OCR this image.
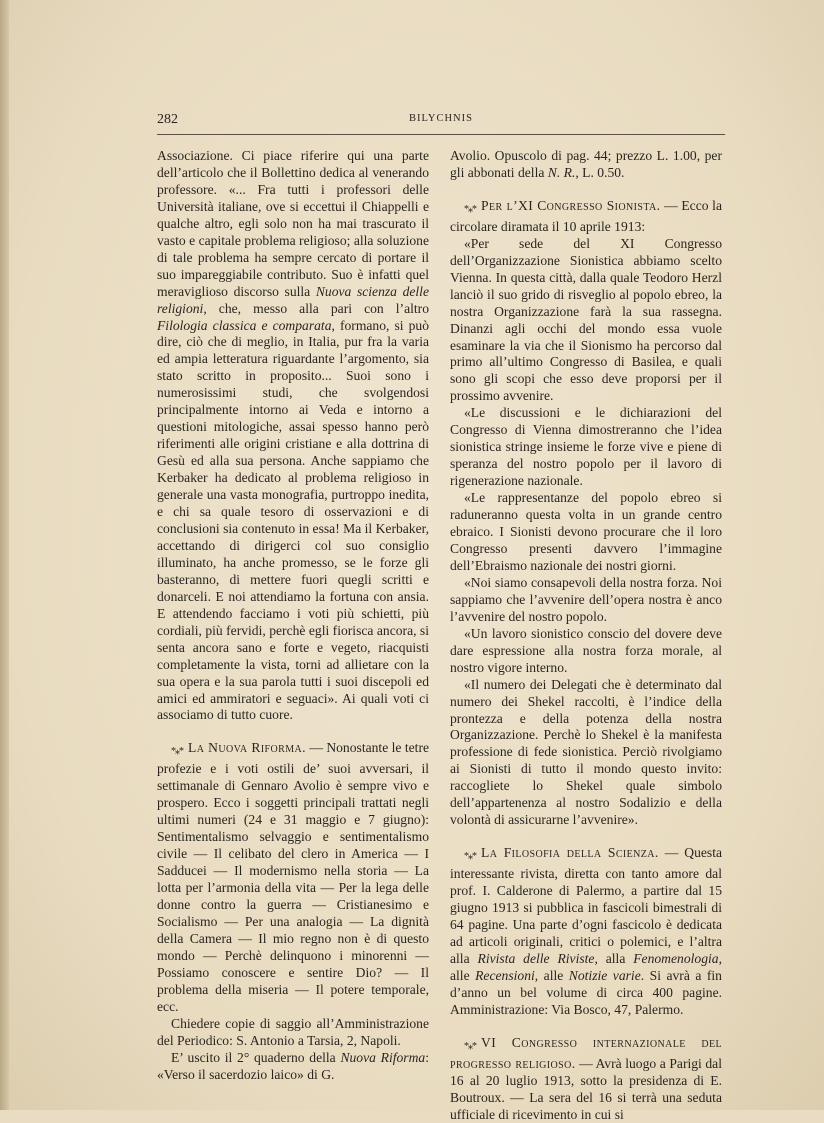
282	BILYCHNIS

Associazione. Ci piace riferire qui una parte dell’articolo che il Bollettino dedica al venerando professore. «... Fra tutti i professori delle Università italiane, ove si eccettui il Chiappelli e qualche altro, egli solo non ha mai trascurato il vasto e capitale problema religioso; alla soluzione di tale problema ha sempre cercato di portare il suo impareggiabile contributo. Suo è infatti quel meraviglioso discorso sulla Nuova scienza delle religioni, che, messo alla pari con l’altro Filologia classica e comparata, formano, si può dire, ciò che di meglio, in Italia, pur fra la varia ed ampia letteratura riguardante l’argomento, sia stato scritto in proposito... Suoi sono i numerosissimi studi, che svolgendosi principalmente intorno ai Veda e intorno a questioni mitologiche, assai spesso hanno però riferimenti alle origini cristiane e alla dottrina di Gesù ed alla sua persona. Anche sappiamo che Kerbaker ha dedicato al problema religioso in generale una vasta monografia, purtroppo inedita, e chi sa quale tesoro di osservazioni e di conclusioni sia contenuto in essa! Ma il Kerbaker, accettando di dirigerci col suo consiglio illuminato, ha anche promesso, se le forze gli basteranno, di mettere fuori quegli scritti e donarceli. E noi attendiamo la fortuna con ansia. E attendendo facciamo i voti più schietti, più cordiali, più fervidi, perchè egli fiorisca ancora, si senta ancora sano e forte e vegeto, riacquisti completamente la vista, torni ad allietare con la sua opera e la sua parola tutti i suoi discepoli ed amici ed ammiratori e seguaci». Ai quali voti ci associamo di tutto cuore.

*⁎* La Nuova Riforma. — Nonostante le tetre profezie e i voti ostili de’ suoi avversari, il settimanale di Gennaro Avolio è sempre vivo e prospero. Ecco i soggetti principali trattati negli ultimi numeri (24 e 31 maggio e 7 giugno): Sentimentalismo selvaggio e sentimentalismo civile — Il celibato del clero in America — I Sadducei — Il modernismo nella storia — La lotta per l’armonia della vita — Per la lega delle donne contro la guerra — Cristianesimo e Socialismo — Per una analogia — La dignità della Camera — Il mio regno non è di questo mondo — Perchè delinquono i minorenni — Possiamo conoscere e sentire Dio? — Il problema della miseria — Il potere temporale, ecc.

Chiedere copie di saggio all’Amministrazione del Periodico: S. Antonio a Tarsia, 2, Napoli.

E’ uscito il 2° quaderno della Nuova Riforma: «Verso il sacerdozio laico» di G.

Avolio. Opuscolo di pag. 44; prezzo L. 1.00, per gli abbonati della N. R., L. 0.50.

*⁎* Per l’XI Congresso Sionista. — Ecco la circolare diramata il 10 aprile 1913:

«Per sede del XI Congresso dell’Organizzazione Sionistica abbiamo scelto Vienna. In questa città, dalla quale Teodoro Herzl lanciò il suo grido di risveglio al popolo ebreo, la nostra Organizzazione farà la sua rassegna. Dinanzi agli occhi del mondo essa vuole esaminare la via che il Sionismo ha percorso dal primo all’ultimo Congresso di Basilea, e quali sono gli scopi che esso deve proporsi per il prossimo avvenire.

«Le discussioni e le dichiarazioni del Congresso di Vienna dimostreranno che l’idea sionistica stringe insieme le forze vive e piene di speranza del nostro popolo per il lavoro di rigenerazione nazionale.

«Le rappresentanze del popolo ebreo si raduneranno questa volta in un grande centro ebraico. I Sionisti devono procurare che il loro Congresso presenti davvero l’immagine dell’Ebraismo nazionale dei nostri giorni.

«Noi siamo consapevoli della nostra forza. Noi sappiamo che l’avvenire dell’opera nostra è anco l’avvenire del nostro popolo.

«Un lavoro sionistico conscio del dovere deve dare espressione alla nostra forza morale, al nostro vigore interno.

«Il numero dei Delegati che è determinato dal numero dei Shekel raccolti, è l’indice della prontezza e della potenza della nostra Organizzazione. Perchè lo Shekel è la manifesta professione di fede sionistica. Perciò rivolgiamo ai Sionisti di tutto il mondo questo invito: raccogliete lo Shekel quale simbolo dell’appartenenza al nostro Sodalizio e della volontà di assicurarne l’avvenire».

*⁎* La Filosofia della Scienza. — Questa interessante rivista, diretta con tanto amore dal prof. I. Calderone di Palermo, a partire dal 15 giugno 1913 si pubblica in fascicoli bimestrali di 64 pagine. Una parte d’ogni fascicolo è dedicata ad articoli originali, critici o polemici, e l’altra alla Rivista delle Riviste, alla Fenomenologia, alle Recensioni, alle Notizie varie. Si avrà a fin d’anno un bel volume di circa 400 pagine. Amministrazione: Via Bosco, 47, Palermo.

*⁎* VI Congresso internazionale del progresso religioso. — Avrà luogo a Parigi dal 16 al 20 luglio 1913, sotto la presidenza di E. Boutroux. — La sera del 16 si terrà una seduta ufficiale di ricevimento in cui si
